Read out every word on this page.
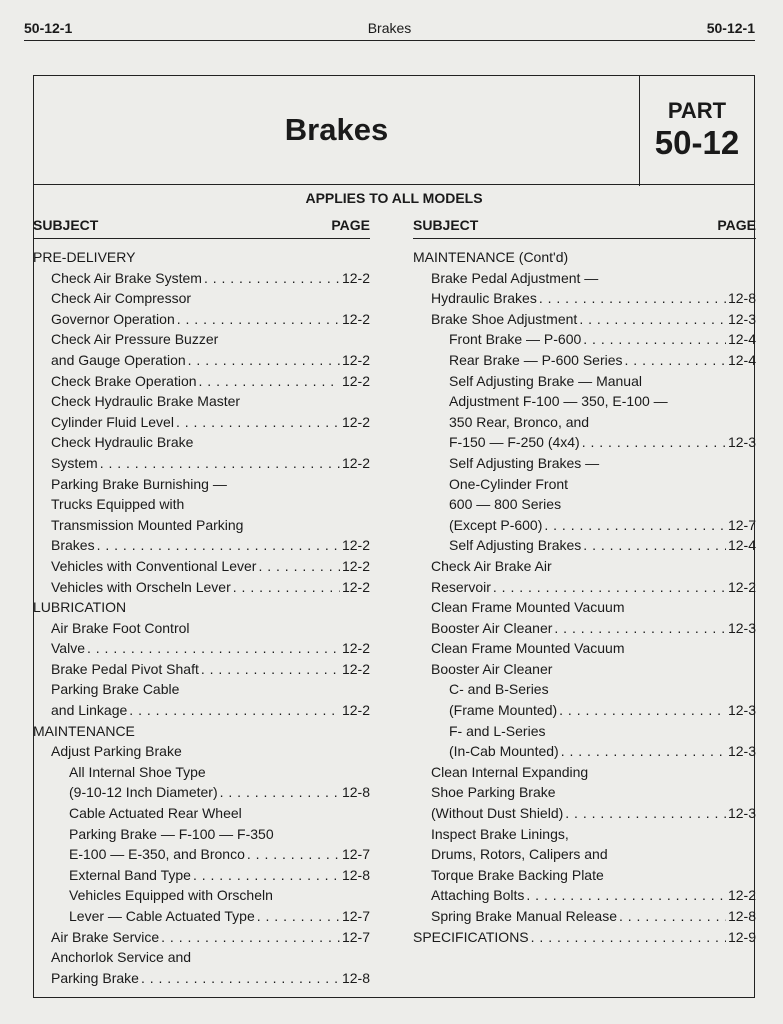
50-12-1	Brakes	50-12-1
Brakes
PART
50-12
APPLIES TO ALL MODELS
SUBJECT	PAGE
PRE-DELIVERY
Check Air Brake System . . .	12-2
Check Air Compressor
Governor Operation . . .	12-2
Check Air Pressure Buzzer
and Gauge Operation . . .	12-2
Check Brake Operation . . .	12-2
Check Hydraulic Brake Master
Cylinder Fluid Level . . .	12-2
Check Hydraulic Brake
System . . .	12-2
Parking Brake Burnishing —
Trucks Equipped with
Transmission Mounted Parking
Brakes . . .	12-2
Vehicles with Conventional Lever . . .	12-2
Vehicles with Orscheln Lever . . .	12-2
LUBRICATION
Air Brake Foot Control
Valve . . .	12-2
Brake Pedal Pivot Shaft . . .	12-2
Parking Brake Cable
and Linkage . . .	12-2
MAINTENANCE
Adjust Parking Brake
All Internal Shoe Type
(9-10-12 Inch Diameter) . . .	12-8
Cable Actuated Rear Wheel
Parking Brake — F-100 — F-350
E-100 — E-350, and Bronco . . .	12-7
External Band Type . . .	12-8
Vehicles Equipped with Orscheln
Lever — Cable Actuated Type . . .	12-7
Air Brake Service . . .	12-7
Anchorlok Service and
Parking Brake . . .	12-8
SUBJECT	PAGE
MAINTENANCE (Cont'd)
Brake Pedal Adjustment —
Hydraulic Brakes . . .	12-8
Brake Shoe Adjustment . . .	12-3
Front Brake — P-600 . . .	12-4
Rear Brake — P-600 Series . . .	12-4
Self Adjusting Brake — Manual
Adjustment F-100 — 350, E-100 —
350 Rear, Bronco, and
F-150 — F-250 (4x4) . . .	12-3
Self Adjusting Brakes —
One-Cylinder Front
600 — 800 Series
(Except P-600) . . .	12-7
Self Adjusting Brakes . . .	12-4
Check Air Brake Air
Reservoir . . .	12-2
Clean Frame Mounted Vacuum
Booster Air Cleaner . . .	12-3
Clean Frame Mounted Vacuum
Booster Air Cleaner
C- and B-Series
(Frame Mounted) . . .	12-3
F- and L-Series
(In-Cab Mounted) . . .	12-3
Clean Internal Expanding
Shoe Parking Brake
(Without Dust Shield) . . .	12-3
Inspect Brake Linings,
Drums, Rotors, Calipers and
Torque Brake Backing Plate
Attaching Bolts . . .	12-2
Spring Brake Manual Release . . .	12-8
SPECIFICATIONS . . .	12-9
